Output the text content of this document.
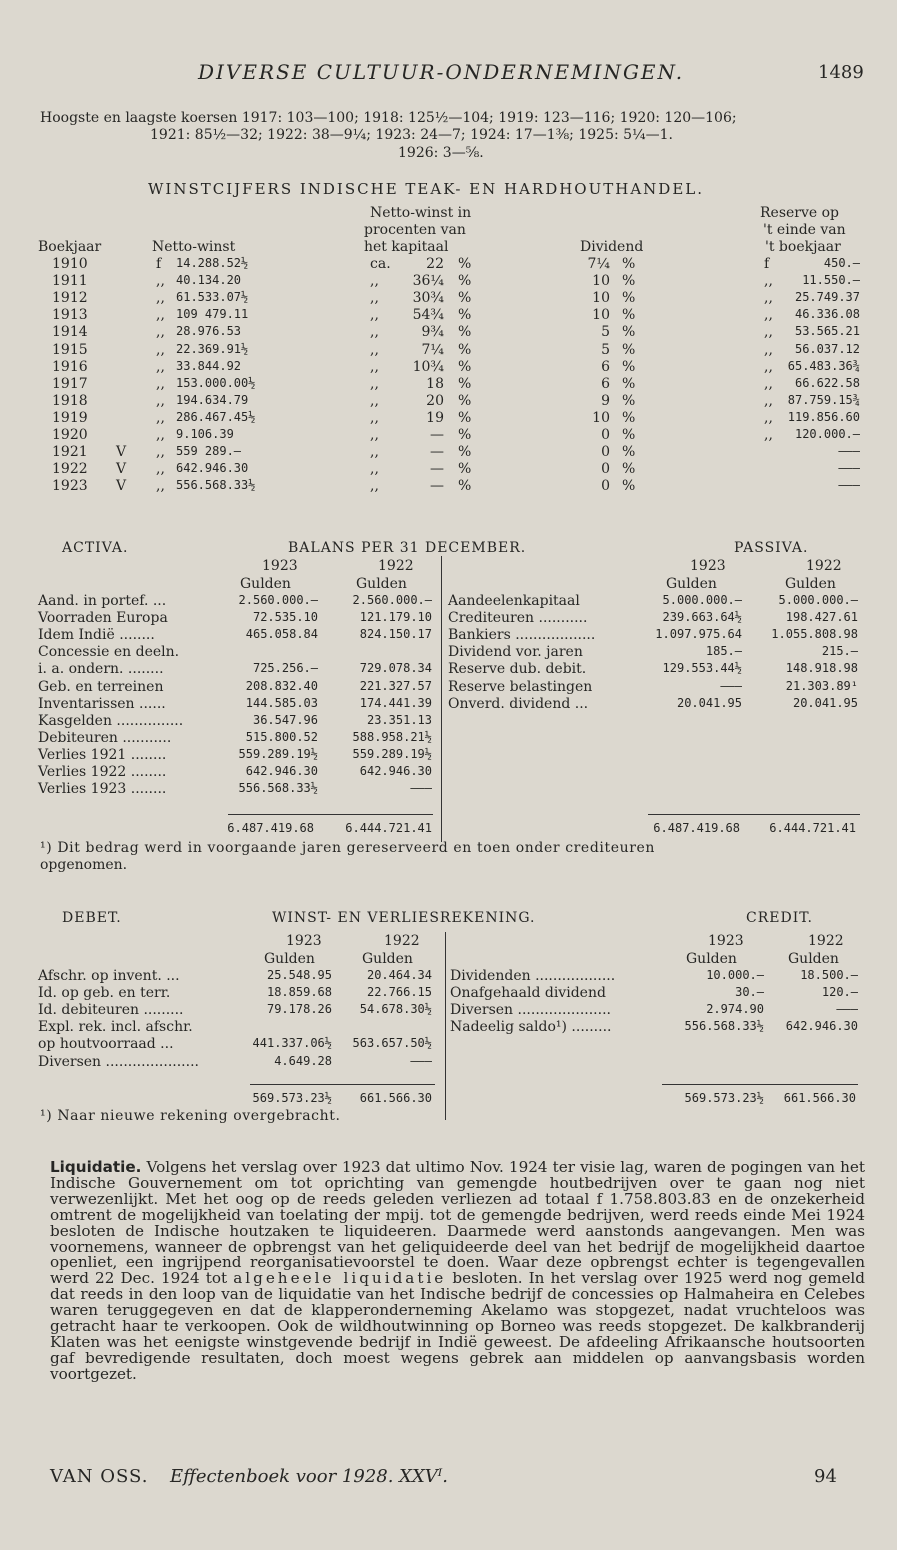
DIVERSE CULTUUR-ONDERNEMINGEN.	1489
Hoogste en laagste koersen 1917: 103—100; 1918: 125½—104; 1919: 123—116; 1920: 120—106;
1921: 85½—32; 1922: 38—9¼; 1923: 24—7; 1924: 17—1⅜; 1925: 5¼—1.
1926: 3—⅝.
WINSTCIJFERS INDISCHE TEAK- EN HARDHOUTHANDEL.
Netto-winst in
procenten van
het kapitaal
Reserve op
't einde van
't boekjaar
Boekjaar	Netto-winst	Dividend
1910	f 14.288.52½	ca.	22 %	7¼ %	f	450.—
1911	,, 40.134.20	,,	36¼ %	10 %	,,	11.550.—
1912	,, 61.533.07½	,,	30¾ %	10 %	,,	25.749.37
1913	,, 109 479.11	,,	54¾ %	10 %	,,	46.336.08
1914	,, 28.976.53	,,	9¾ %	5 %	,,	53.565.21
1915	,, 22.369.91½	,,	7¼ %	5 %	,,	56.037.12
1916	,, 33.844.92	,,	10¾ %	6 %	,,	65.483.36¾
1917	,, 153.000.00½	,,	18 %	6 %	,,	66.622.58
1918	,, 194.634.79	,,	20 %	9 %	,,	87.759.15¾
1919	,, 286.467.45½	,,	19 %	10 %	,,	119.856.60
1920	,, 9.106.39	,,	— %	0 %	,,	120.000.—
1921 V ,, 559 289.—	,,	— %	0 %	———
1922 V ,, 642.946.30	,,	— %	0 %	———
1923 V ,, 556.568.33½	,,	— %	0 %	———
ACTIVA.	BALANS PER 31 DECEMBER.	PASSIVA.
1923	1922
Gulden	Gulden
1923	1922
Gulden	Gulden
Aand. in portef. ...	2.560.000.—	2.560.000.—
Voorraden Europa	72.535.10	121.179.10
Idem Indië ........	465.058.84	824.150.17
Concessie en deeln.
i. a. ondern. ........	725.256.—	729.078.34
Geb. en terreinen	208.832.40	221.327.57
Inventarissen ......	144.585.03	174.441.39
Kasgelden ...............	36.547.96	23.351.13
Debiteuren ...........	515.800.52	588.958.21½
Verlies 1921 ........	559.289.19½	559.289.19½
Verlies 1922 ........	642.946.30	642.946.30
Verlies 1923 ........	556.568.33½	———
Aandeelenkapitaal	5.000.000.—	5.000.000.—
Crediteuren ...........	239.663.64½	198.427.61
Bankiers ..................	1.097.975.64	1.055.808.98
Dividend vor. jaren	185.—	215.—
Reserve dub. debit.	129.553.44½	148.918.98
Reserve belastingen	———	21.303.89¹
Onverd. dividend ...	20.041.95	20.041.95
6.487.419.68	6.444.721.41	6.487.419.68	6.444.721.41
¹) Dit bedrag werd in voorgaande jaren gereserveerd en toen onder crediteuren
opgenomen.
DEBET.	WINST- EN VERLIESREKENING.	CREDIT.
1923	1922
Gulden	Gulden
1923	1922
Gulden	Gulden
Afschr. op invent. ...	25.548.95	20.464.34
Id. op geb. en terr.	18.859.68	22.766.15
Id. debiteuren .........	79.178.26	54.678.30½
Expl. rek. incl. afschr.
op houtvoorraad ...	441.337.06½	563.657.50½
Diversen .....................	4.649.28	———
Dividenden ..................	10.000.—	18.500.—
Onafgehaald dividend	30.—	120.—
Diversen .....................	2.974.90	———
Nadeelig saldo¹) .........	556.568.33½	642.946.30
569.573.23½	661.566.30	569.573.23½	661.566.30
¹) Naar nieuwe rekening overgebracht.
Liquidatie. Volgens het verslag over 1923 dat ultimo Nov. 1924 ter visie lag, waren de pogingen van het Indische Gouvernement om tot oprichting van gemengde houtbedrijven over te gaan nog niet verwezenlijkt. Met het oog op de reeds geleden verliezen ad totaal f 1.758.803.83 en de onzekerheid omtrent de mogelijkheid van toelating der mpij. tot de gemengde bedrijven, werd reeds einde Mei 1924 besloten de Indische houtzaken te liquideeren. Daarmede werd aanstonds aangevangen. Men was voornemens, wanneer de opbrengst van het geliquideerde deel van het bedrijf de mogelijkheid daartoe openliet, een ingrijpend reorganisatievoorstel te doen. Waar deze opbrengst echter is tegengevallen werd 22 Dec. 1924 tot algeheele liquidatie besloten. In het verslag over 1925 werd nog gemeld dat reeds in den loop van de liquidatie van het Indische bedrijf de concessies op Halmaheira en Celebes waren teruggegeven en dat de klapperonderneming Akelamo was stopgezet, nadat vruchteloos was getracht haar te verkoopen. Ook de wildhoutwinning op Borneo was reeds stopgezet. De kalkbranderij Klaten was het eenigste winstgevende bedrijf in Indië geweest. De afdeeling Afrikaansche houtsoorten gaf bevredigende resultaten, doch moest wegens gebrek aan middelen op aanvangsbasis worden voortgezet.
VAN OSS. Effectenboek voor 1928. XXVᴵ.	94
